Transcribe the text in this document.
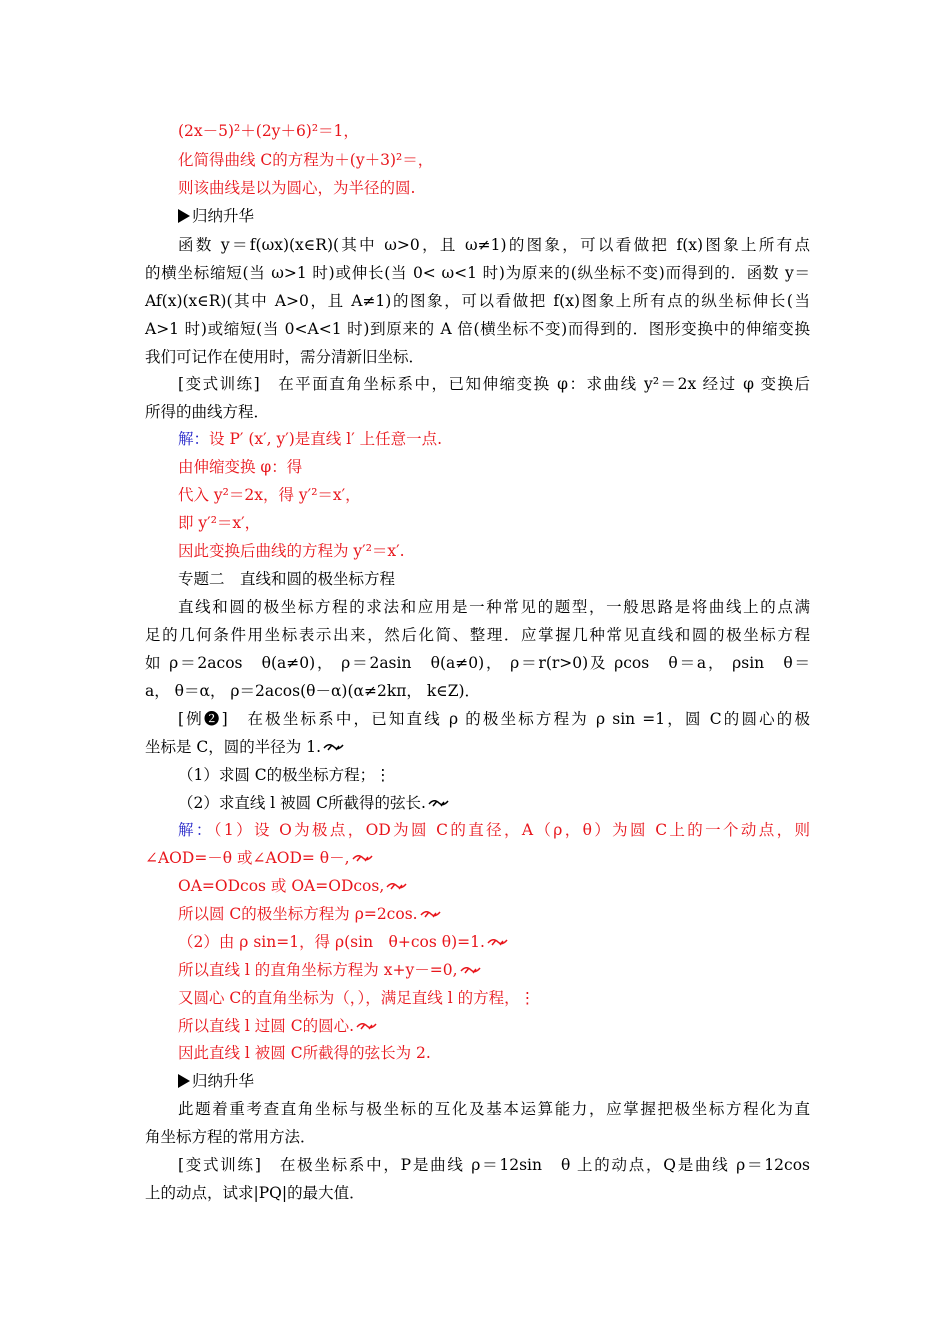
(2x－5)²＋(2y＋6)²＝1，
化简得曲线 C的方程为＋(y＋3)²＝，
则该曲线是以为圆心，为半径的圆.
归纳升华
函数 y＝f(ωx)(x∈R)(其中 ω>0，且 ω≠1)的图象，可以看做把 f(x)图象上所有点
的横坐标缩短(当 ω>1 时)或伸长(当 0< ω<1 时)为原来的(纵坐标不变)而得到的．函数 y＝
Af(x)(x∈R)(其中 A>0，且 A≠1)的图象，可以看做把 f(x)图象上所有点的纵坐标伸长(当
A>1 时)或缩短(当 0<A<1 时)到原来的 A 倍(横坐标不变)而得到的．图形变换中的伸缩变换
我们可记作在使用时，需分清新旧坐标．
[变式训练]　在平面直角坐标系中，已知伸缩变换 φ：求曲线 y²＝2x 经过 φ 变换后
所得的曲线方程．
解：设 P′ (x′, y′)是直线 l′ 上任意一点.
由伸缩变换 φ：得
代入 y²＝2x，得 y′²＝x′，
即 y′²＝x′，
因此变换后曲线的方程为 y′²＝x′.
专题二　直线和圆的极坐标方程
直线和圆的极坐标方程的求法和应用是一种常见的题型，一般思路是将曲线上的点满
足的几何条件用坐标表示出来，然后化简、整理．应掌握几种常见直线和圆的极坐标方程
如 ρ＝2acos　θ(a≠0)， ρ＝2asin　θ(a≠0)， ρ＝r(r>0)及 ρcos　θ＝a， ρsin　θ＝
a， θ＝α， ρ＝2acos(θ－α)(α≠2kπ， k∈Z)．
[例❷]　在极坐标系中，已知直线 ρ 的极坐标方程为 ρ sin =1，圆 C的圆心的极
坐标是 C，圆的半径为 1.
（1）求圆 C的极坐标方程；⋮
（2）求直线 l 被圆 C所截得的弦长.
解：（1）设 O为极点，OD为圆 C的直径，A（ρ，θ）为圆 C上的一个动点，则
∠AOD=－θ 或∠AOD= θ－,
OA=ODcos 或 OA=ODcos,
所以圆 C的极坐标方程为 ρ=2cos.
（2）由 ρ sin=1，得 ρ(sin　θ+cos θ)=1.
所以直线 l 的直角坐标方程为 x+y－=0,
又圆心 C的直角坐标为（，），满足直线 l 的方程，⋮
所以直线 l 过圆 C的圆心.
因此直线 l 被圆 C所截得的弦长为 2.
归纳升华
此题着重考查直角坐标与极坐标的互化及基本运算能力，应掌握把极坐标方程化为直
角坐标方程的常用方法．
[变式训练]　在极坐标系中，P是曲线 ρ＝12sin　θ 上的动点，Q是曲线 ρ＝12cos
上的动点，试求|PQ|的最大值．
